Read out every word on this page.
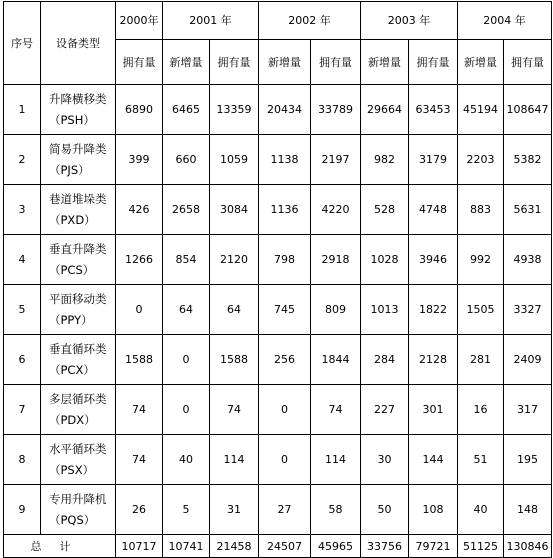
序号	设备类型	2000年	2001 年		2002 年		2003 年		2004 年	
		拥有量	新增量	拥有量	新增量	拥有量	新增量	拥有量	新增量	拥有量
1	升降横移类（PSH）	6890	6465	13359	20434	33789	29664	63453	45194	108647
2	简易升降类（PJS）	399	660	1059	1138	2197	982	3179	2203	5382
3	巷道堆垛类（PXD）	426	2658	3084	1136	4220	528	4748	883	5631
4	垂直升降类（PCS）	1266	854	2120	798	2918	1028	3946	992	4938
5	平面移动类（PPY）	0	64	64	745	809	1013	1822	1505	3327
6	垂直循环类（PCX）	1588	0	1588	256	1844	284	2128	281	2409
7	多层循环类（PDX）	74	0	74	0	74	227	301	16	317
8	水平循环类（PSX）	74	40	114	0	114	30	144	51	195
9	专用升降机（PQS）	26	5	31	27	58	50	108	40	148
总计		10717	10741	21458	24507	45965	33756	79721	51125	130846
